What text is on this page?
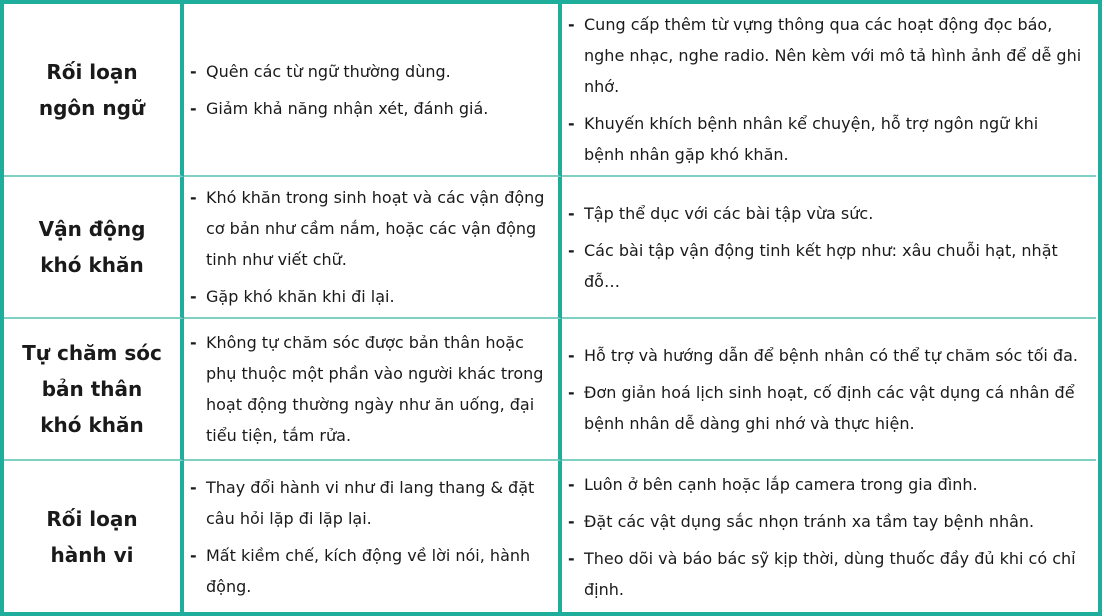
Rối loạn
ngôn ngữ
- Quên các từ ngữ thường dùng.
- Giảm khả năng nhận xét, đánh giá.
- Cung cấp thêm từ vựng thông qua các hoạt động đọc báo, nghe nhạc, nghe radio. Nên kèm với mô tả hình ảnh để dễ ghi nhớ.
- Khuyến khích bệnh nhân kể chuyện, hỗ trợ ngôn ngữ khi bệnh nhân gặp khó khăn.
Vận động
khó khăn
- Khó khăn trong sinh hoạt và các vận động cơ bản như cầm nắm, hoặc các vận động tinh như viết chữ.
- Gặp khó khăn khi đi lại.
- Tập thể dục với các bài tập vừa sức.
- Các bài tập vận động tinh kết hợp như: xâu chuỗi hạt, nhặt đỗ…
Tự chăm sóc
bản thân
khó khăn
- Không tự chăm sóc được bản thân hoặc phụ thuộc một phần vào người khác trong hoạt động thường ngày như ăn uống, đại tiểu tiện, tắm rửa.
- Hỗ trợ và hướng dẫn để bệnh nhân có thể tự chăm sóc tối đa.
- Đơn giản hoá lịch sinh hoạt, cố định các vật dụng cá nhân để bệnh nhân dễ dàng ghi nhớ và thực hiện.
Rối loạn
hành vi
- Thay đổi hành vi như đi lang thang & đặt câu hỏi lặp đi lặp lại.
- Mất kiềm chế, kích động về lời nói, hành động.
- Luôn ở bên cạnh hoặc lắp camera trong gia đình.
- Đặt các vật dụng sắc nhọn tránh xa tầm tay bệnh nhân.
- Theo dõi và báo bác sỹ kịp thời, dùng thuốc đầy đủ khi có chỉ định.
